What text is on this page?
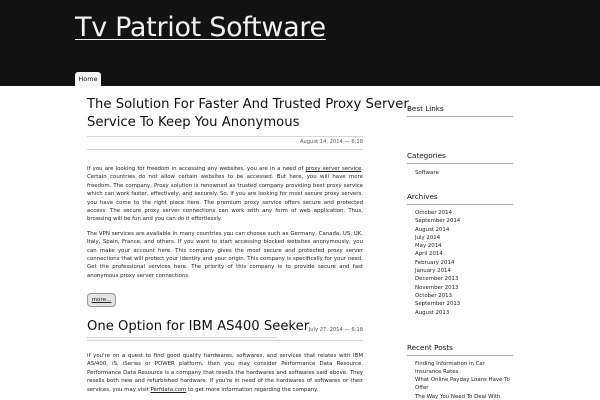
Tv Patriot Software
Home
The Solution For Faster And Trusted Proxy Server
Service To Keep You Anonymous
August 14, 2014 — 6:18

If you are looking for freedom in accessing any websites, you are in a need of proxy server service. Certain countries do not allow certain websites to be accessed. But here, you will have more freedom. The company, Proxy solution is renowned as trusted company providing best proxy service which can work faster, effectively, and securely. So, if you are looking for most secure proxy servers, you have come to the right place here. The premium proxy service offers secure and protected access. The secure proxy server connections can work with any form of web application. Thus, browsing will be fun and you can do it effortlessly.

The VPN services are available in many countries you can choose such as Germany, Canada, US, UK, Italy, Spain, France, and others. If you want to start accessing blocked websites anonymously, you can make your account here. This company gives the most secure and protected proxy server connections that will protect your identity and your origin. This company is specifically for your need. Get the professional services here. The priority of this company is to provide secure and fast anonymous proxy server connections.

more...
One Option for IBM AS400 Seeker July 27, 2014 — 6:18

If you're on a quest to find good quality hardwares, softwares, and services that relates with IBM AS/400, iS, iSeries or POWER platform, then you may consider Performance Data Resource. Performance Data Resource is a company that resells the hardwares and softwares said above. They resells both new and refurbished hardware. If you're in need of the hardwares of softwares or their services, you may visit Perfdata.com to get more information regarding the company.

Best Links
Categories
Software
Archives
October 2014
September 2014
August 2014
July 2014
May 2014
April 2014
February 2014
January 2014
December 2013
November 2013
October 2013
September 2013
August 2013
Recent Posts
Finding Information in Car Insurance Rates
What Online Payday Loans Have To Offer
The Way You Need To Deal With
